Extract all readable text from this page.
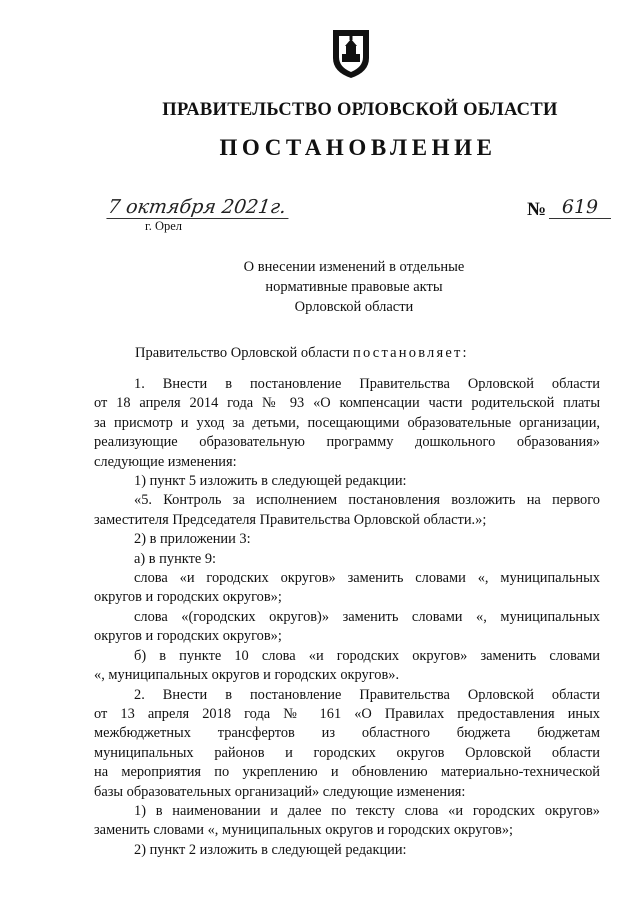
ПРАВИТЕЛЬСТВО ОРЛОВСКОЙ ОБЛАСТИ
ПОСТАНОВЛЕНИЕ
7 октября 2021г.
г. Орел
№ 619
О внесении изменений в отдельные
нормативные правовые акты
Орловской области
Правительство Орловской области постановляет:

1. Внести в постановление Правительства Орловской области

от 18 апреля 2014 года № 93 «О компенсации части родительской платы

за присмотр и уход за детьми, посещающими образовательные организации,

реализующие образовательную программу дошкольного образования»

следующие изменения:

1) пункт 5 изложить в следующей редакции:

«5. Контроль за исполнением постановления возложить на первого

заместителя Председателя Правительства Орловской области.»;

2) в приложении 3:

а) в пункте 9:

слова «и городских округов» заменить словами «, муниципальных

округов и городских округов»;

слова «(городских округов)» заменить словами «, муниципальных

округов и городских округов»;

б) в пункте 10 слова «и городских округов» заменить словами

«, муниципальных округов и городских округов».

2. Внести в постановление Правительства Орловской области

от 13 апреля 2018 года № 161 «О Правилах предоставления иных

межбюджетных трансфертов из областного бюджета бюджетам

муниципальных районов и городских округов Орловской области

на мероприятия по укреплению и обновлению материально-технической

базы образовательных организаций» следующие изменения:

1) в наименовании и далее по тексту слова «и городских округов»

заменить словами «, муниципальных округов и городских округов»;

2) пункт 2 изложить в следующей редакции:
